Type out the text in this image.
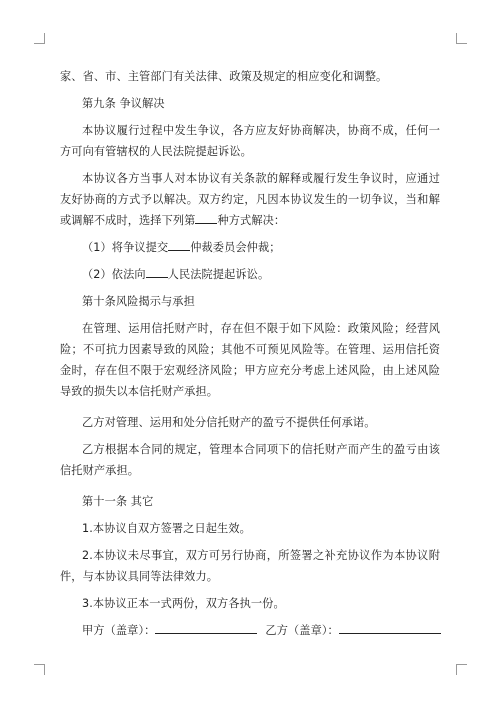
家、省、市、主管部门有关法律、政策及规定的相应变化和调整。

第九条 争议解决

本协议履行过程中发生争议，各方应友好协商解决，协商不成，任何一方可向有管辖权的人民法院提起诉讼。

本协议各方当事人对本协议有关条款的解释或履行发生争议时，应通过友好协商的方式予以解决。双方约定，凡因本协议发生的一切争议，当和解或调解不成时，选择下列第 种方式解决：

（1）将争议提交 仲裁委员会仲裁；

（2）依法向 人民法院提起诉讼。

第十条风险揭示与承担

在管理、运用信托财产时，存在但不限于如下风险：政策风险；经营风险；不可抗力因素导致的风险；其他不可预见风险等。在管理、运用信托资金时，存在但不限于宏观经济风险；甲方应充分考虑上述风险，由上述风险导致的损失以本信托财产承担。

乙方对管理、运用和处分信托财产的盈亏不提供任何承诺。

乙方根据本合同的规定，管理本合同项下的信托财产而产生的盈亏由该信托财产承担。

第十一条 其它

1.本协议自双方签署之日起生效。

2.本协议未尽事宜，双方可另行协商，所签署之补充协议作为本协议附件，与本协议具同等法律效力。

3.本协议正本一式两份，双方各执一份。

甲方（盖章）：	乙方（盖章）：
